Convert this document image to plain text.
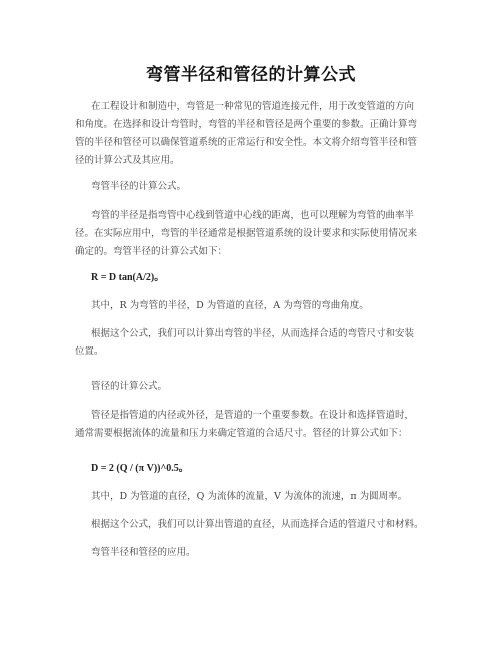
弯管半径和管径的计算公式

在工程设计和制造中，弯管是一种常见的管道连接元件，用于改变管道的方向
和角度。在选择和设计弯管时，弯管的半径和管径是两个重要的参数。正确计算弯
管的半径和管径可以确保管道系统的正常运行和安全性。本文将介绍弯管半径和管
径的计算公式及其应用。

弯管半径的计算公式。

弯管的半径是指弯管中心线到管道中心线的距离，也可以理解为弯管的曲率半
径。在实际应用中，弯管的半径通常是根据管道系统的设计要求和实际使用情况来
确定的。弯管半径的计算公式如下：

R = D tan(A/2)。

其中，R 为弯管的半径，D 为管道的直径，A 为弯管的弯曲角度。

根据这个公式，我们可以计算出弯管的半径，从而选择合适的弯管尺寸和安装
位置。

管径的计算公式。

管径是指管道的内径或外径，是管道的一个重要参数。在设计和选择管道时，
通常需要根据流体的流量和压力来确定管道的合适尺寸。管径的计算公式如下：

D = 2 (Q / (π V))^0.5。

其中，D 为管道的直径，Q 为流体的流量，V 为流体的流速，π 为圆周率。

根据这个公式，我们可以计算出管道的直径，从而选择合适的管道尺寸和材料。

弯管半径和管径的应用。
